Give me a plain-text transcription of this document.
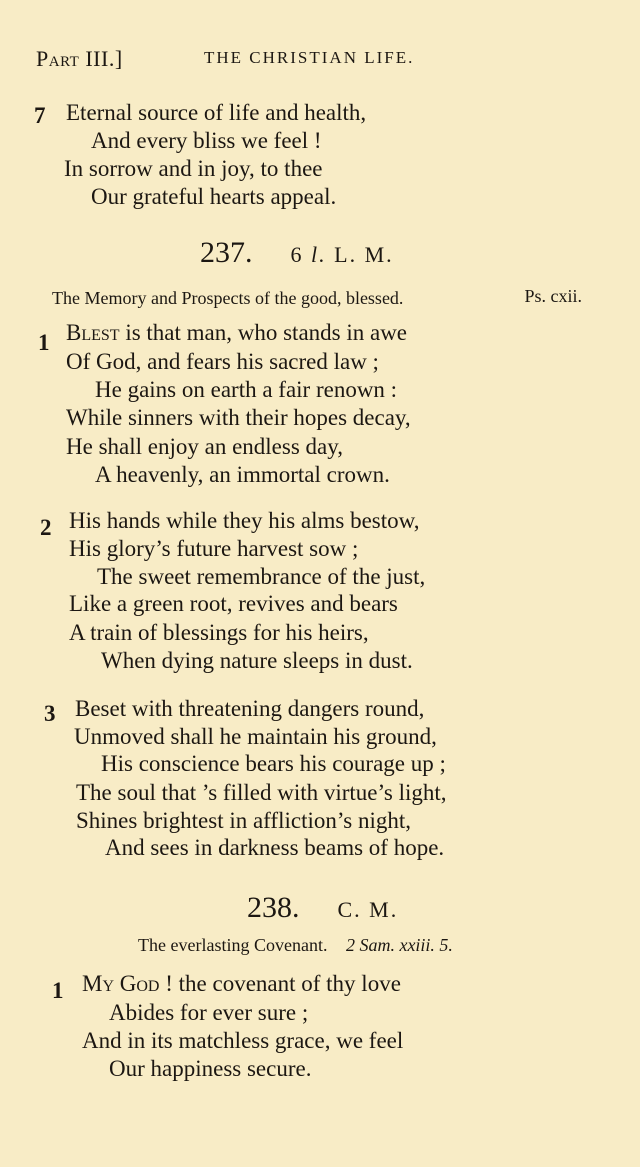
Part III.]	THE CHRISTIAN LIFE.
7 Eternal source of life and health,
And every bliss we feel !
In sorrow and in joy, to thee
Our grateful hearts appeal.
237. 6 l. L. M.
The Memory and Prospects of the good, blessed.	Ps. cxii.
1 Blest is that man, who stands in awe
Of God, and fears his sacred law ;
He gains on earth a fair renown :
While sinners with their hopes decay,
He shall enjoy an endless day,
A heavenly, an immortal crown.
2 His hands while they his alms bestow,
His glory’s future harvest sow ;
The sweet remembrance of the just,
Like a green root, revives and bears
A train of blessings for his heirs,
When dying nature sleeps in dust.
3 Beset with threatening dangers round,
Unmoved shall he maintain his ground,
His conscience bears his courage up ;
The soul that ’s filled with virtue’s light,
Shines brightest in affliction’s night,
And sees in darkness beams of hope.
238. C. M.
The everlasting Covenant. 2 Sam. xxiii. 5.
1 My God ! the covenant of thy love
Abides for ever sure ;
And in its matchless grace, we feel
Our happiness secure.
